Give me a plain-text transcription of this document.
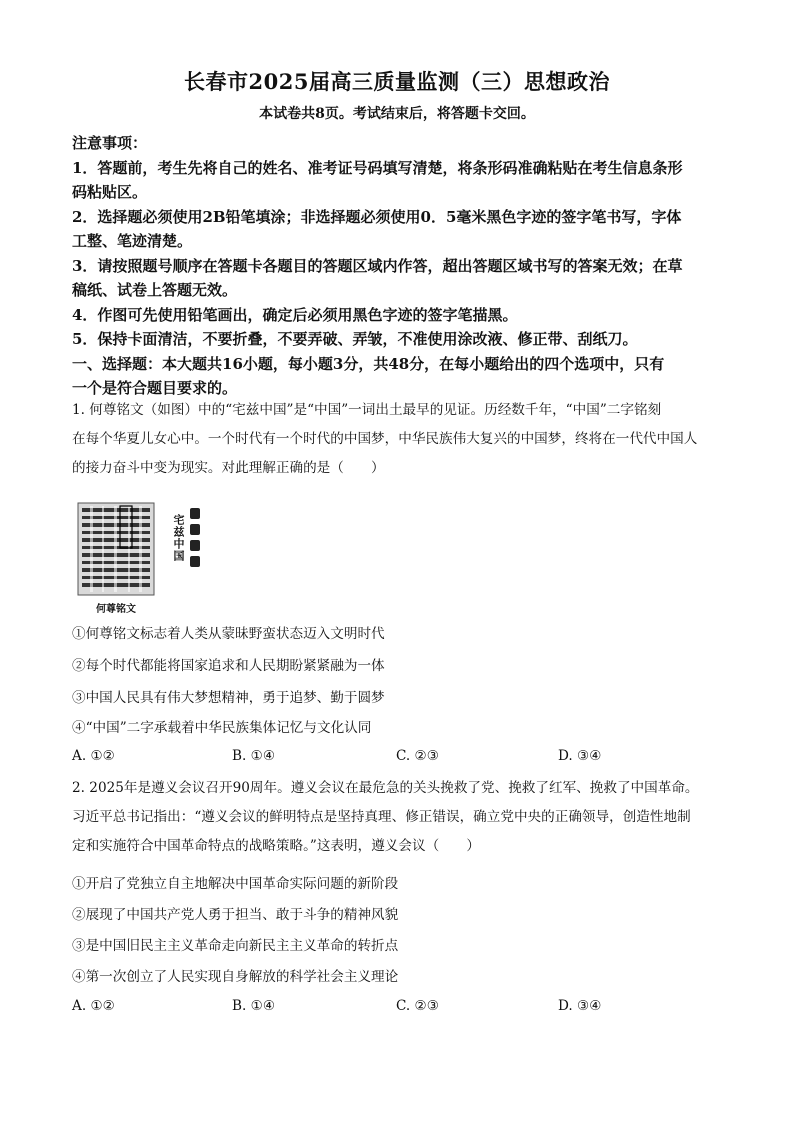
长春市2025届高三质量监测（三）思想政治
本试卷共8页。考试结束后，将答题卡交回。

注意事项：

1．答题前，考生先将自己的姓名、准考证号码填写清楚，将条形码准确粘贴在考生信息条形

码粘贴区。

2．选择题必须使用2B铅笔填涂；非选择题必须使用0．5毫米黑色字迹的签字笔书写，字体

工整、笔迹清楚。

3．请按照题号顺序在答题卡各题目的答题区域内作答，超出答题区域书写的答案无效；在草

稿纸、试卷上答题无效。

4．作图可先使用铅笔画出，确定后必须用黑色字迹的签字笔描黑。

5．保持卡面清洁，不要折叠，不要弄破、弄皱，不准使用涂改液、修正带、刮纸刀。

一、选择题：本大题共16小题，每小题3分，共48分，在每小题给出的四个选项中，只有

一个是符合题目要求的。

1. 何尊铭文（如图）中的“宅兹中国”是“中国”一词出土最早的见证。历经数千年，“中国”二字铭刻

在每个华夏儿女心中。一个时代有一个时代的中国梦，中华民族伟大复兴的中国梦，终将在一代代中国人

的接力奋斗中变为现实。对此理解正确的是（　　）

宅兹中国
何尊铭文
①何尊铭文标志着人类从蒙昧野蛮状态迈入文明时代
②每个时代都能将国家追求和人民期盼紧紧融为一体
③中国人民具有伟大梦想精神，勇于追梦、勤于圆梦
④“中国”二字承载着中华民族集体记忆与文化认同
A. ①②	B. ①④	C. ②③	D. ③④

2. 2025年是遵义会议召开90周年。遵义会议在最危急的关头挽救了党、挽救了红军、挽救了中国革命。

习近平总书记指出：“遵义会议的鲜明特点是坚持真理、修正错误，确立党中央的正确领导，创造性地制

定和实施符合中国革命特点的战略策略。”这表明，遵义会议（　　）

①开启了党独立自主地解决中国革命实际问题的新阶段
②展现了中国共产党人勇于担当、敢于斗争的精神风貌
③是中国旧民主主义革命走向新民主主义革命的转折点
④第一次创立了人民实现自身解放的科学社会主义理论
A. ①②	B. ①④	C. ②③	D. ③④
